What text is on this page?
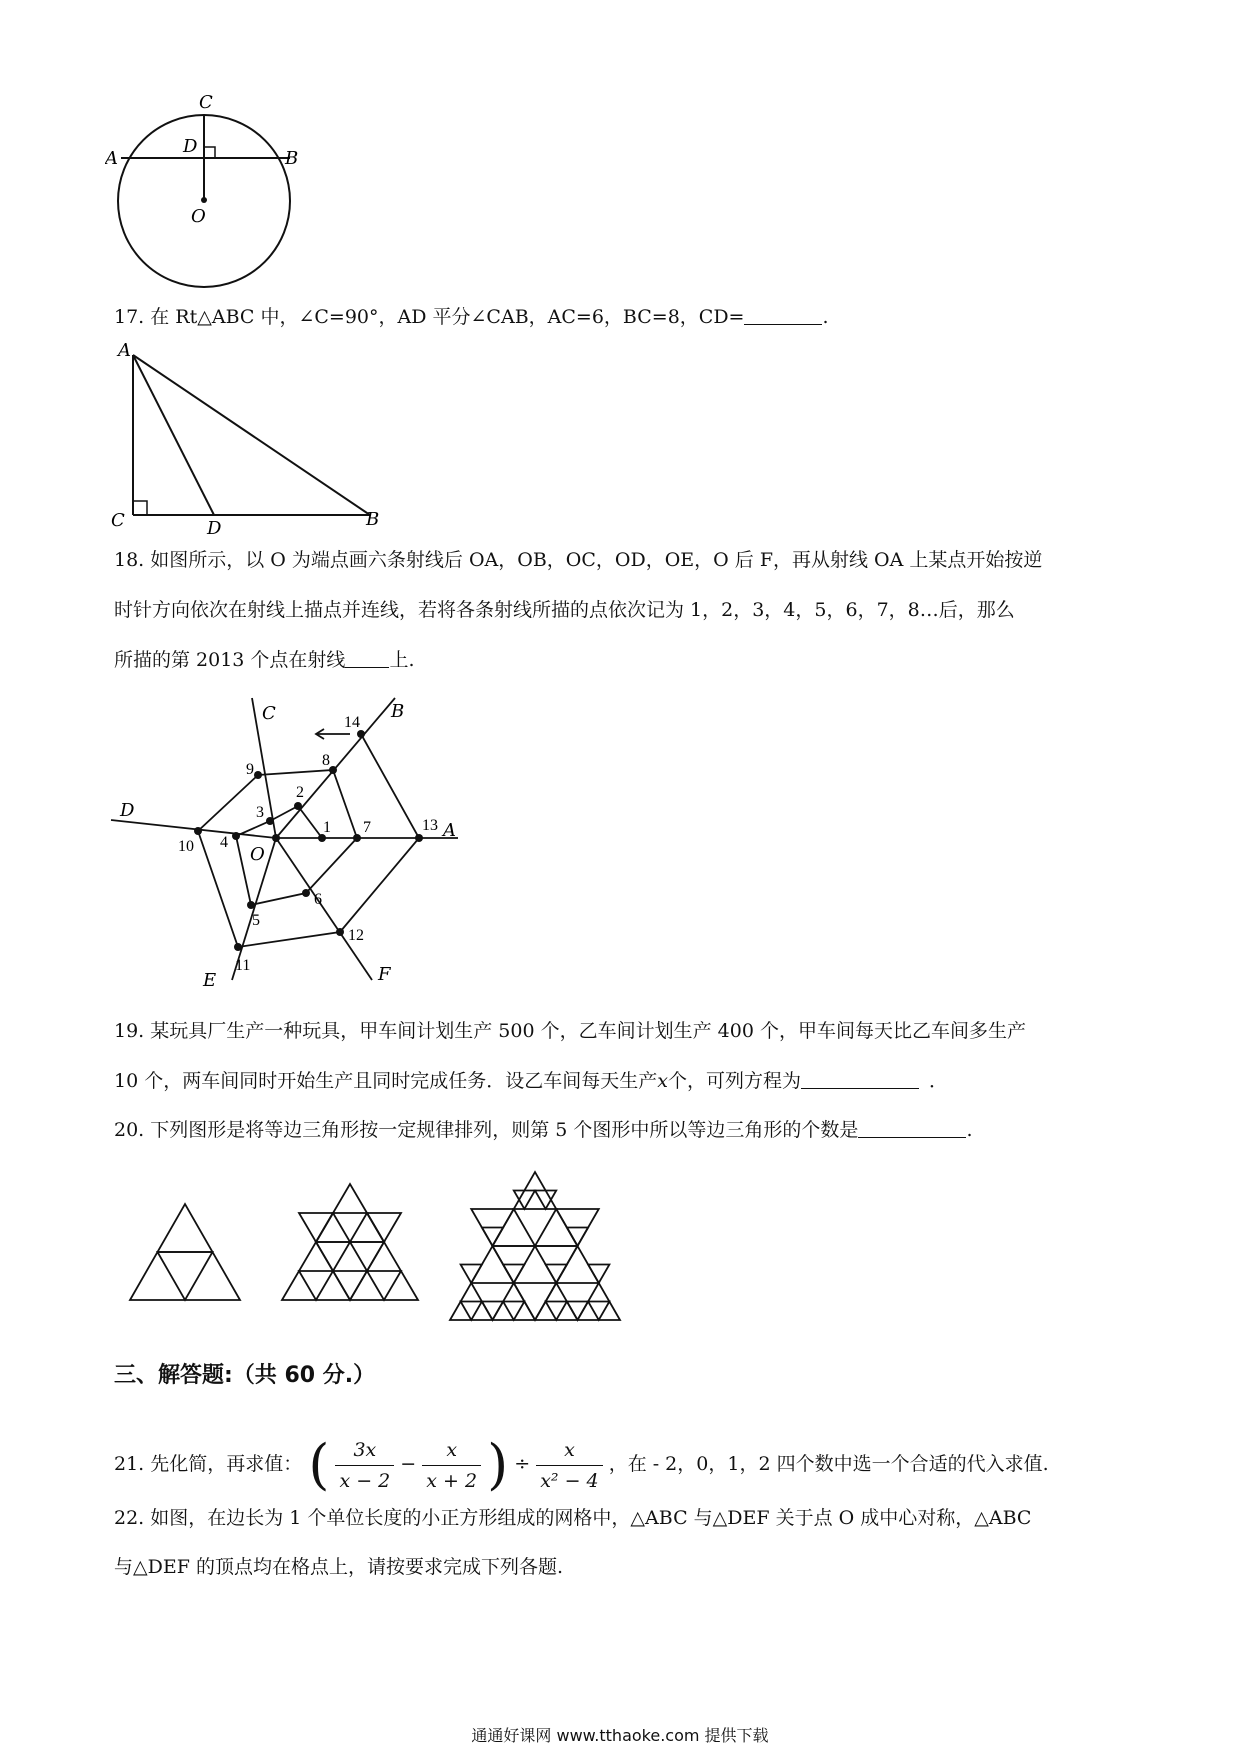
C
A
D
B
O
17. 在 Rt△ABC 中，∠C=90°，AD 平分∠CAB，AC=6，BC=8，CD=	.
A
C	D	B
18. 如图所示，以 O 为端点画六条射线后 OA，OB，OC，OD，OE，O 后 F，再从射线 OA 上某点开始按逆
时针方向依次在射线上描点并连线，若将各条射线所描的点依次记为 1，2，3，4，5，6，7，8…后，那么
所描的第 2013 个点在射线 上.
A
B
C
D
E	F
O
1
2
3
4
5
6
7
8
9
10
11
12
13
14
19. 某玩具厂生产一种玩具，甲车间计划生产 500 个，乙车间计划生产 400 个，甲车间每天比乙车间多生产
10 个，两车间同时开始生产且同时完成任务．设乙车间每天生产x个，可列方程为	．
20. 下列图形是将等边三角形按一定规律排列，则第 5 个图形中所以等边三角形的个数是	.
三、解答题:（共 60 分.）
21. 先化简，再求值： ( $\frac{3x}{x - 2} - \frac{x}{x + 2}$ ) ÷ $\frac{x}{\text{x² − 4}}$ ，在 - 2，0，1，2 四个数中选一个合适的代入求值.
22. 如图，在边长为 1 个单位长度的小正方形组成的网格中，△ABC 与△DEF 关于点 O 成中心对称，△ABC
与△DEF 的顶点均在格点上，请按要求完成下列各题.
通通好课网 www.tthaoke.com 提供下载
